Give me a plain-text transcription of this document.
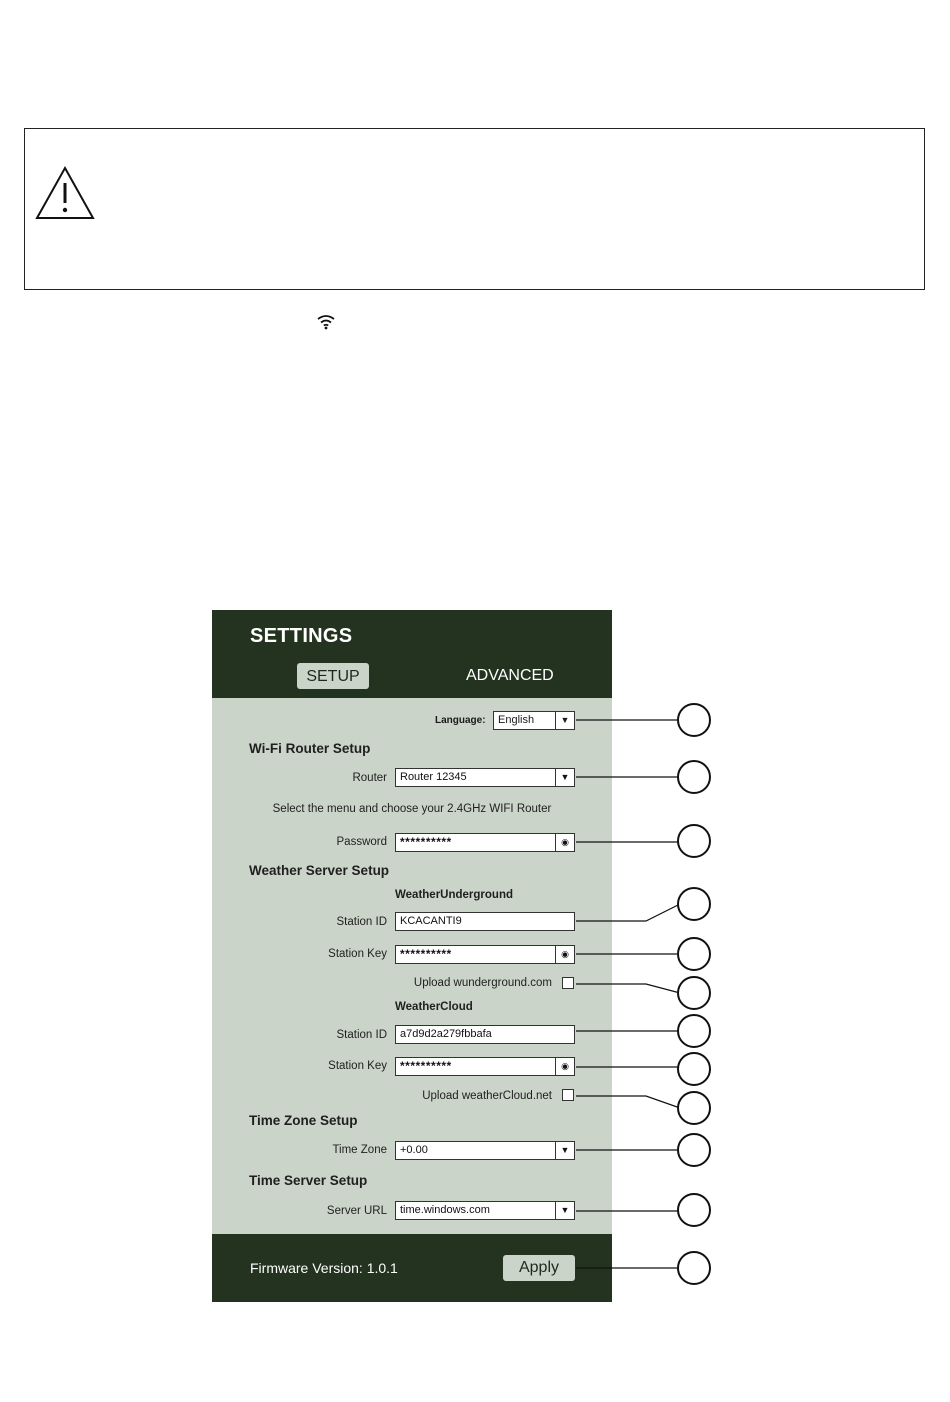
SETTINGS
SETUP	ADVANCED
Language:	English	▼
Wi-Fi Router Setup
Router	Router 12345	▼
Select the menu and choose your 2.4GHz WIFI Router
Password	**********	◉
Weather Server Setup
WeatherUnderground
Station ID	KCACANTI9
Station Key	**********	◉
Upload wunderground.com
WeatherCloud
Station ID	a7d9d2a279fbbafa
Station Key	**********	◉
Upload weatherCloud.net
Time Zone Setup
Time Zone	+0.00	▼
Time Server Setup
Server URL	time.windows.com	▼
Firmware Version: 1.0.1	Apply
